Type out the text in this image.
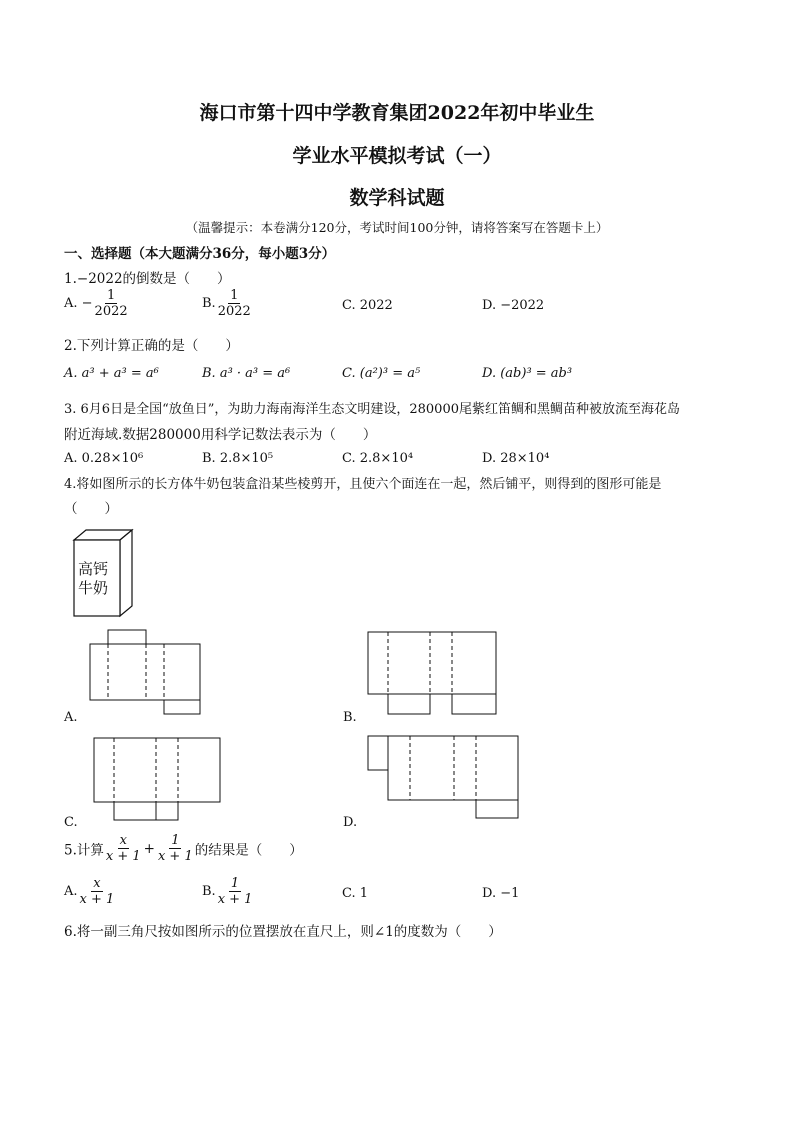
海口市第十四中学教育集团2022年初中毕业生
学业水平模拟考试（一）
数学科试题
（温馨提示：本卷满分120分，考试时间100分钟，请将答案写在答题卡上）
一、选择题（本大题满分36分，每小题3分）
1.−2022的倒数是（　　）
A. − $\frac{1}{2022}$	B. $\frac{1}{2022}$	C. 2022	D. −2022
2.下列计算正确的是（　　）
A. a³ + a³ = a⁶	B. a³ · a³ = a⁶	C. (a²)³ = a⁵	D. (ab)³ = ab³
3. 6月6日是全国“放鱼日”，为助力海南海洋生态文明建设，280000尾紫红笛鲷和黑鲷苗种被放流至海花岛
附近海域.数据280000用科学记数法表示为（　　）
A. 0.28×10⁶	B. 2.8×10⁵	C. 2.8×10⁴	D. 28×10⁴
4.将如图所示的长方体牛奶包装盒沿某些棱剪开，且使六个面连在一起，然后铺平，则得到的图形可能是
（　　）
高钙
牛奶
A.	B.
C.	D.
5.计算 $\frac{x}{x + 1} + \frac{1}{x + 1}$ 的结果是（　　）
A. $\frac{x}{x + 1}$	B. $\frac{1}{x + 1}$	C. 1	D. −1
6.将一副三角尺按如图所示的位置摆放在直尺上，则∠1的度数为（　　）
